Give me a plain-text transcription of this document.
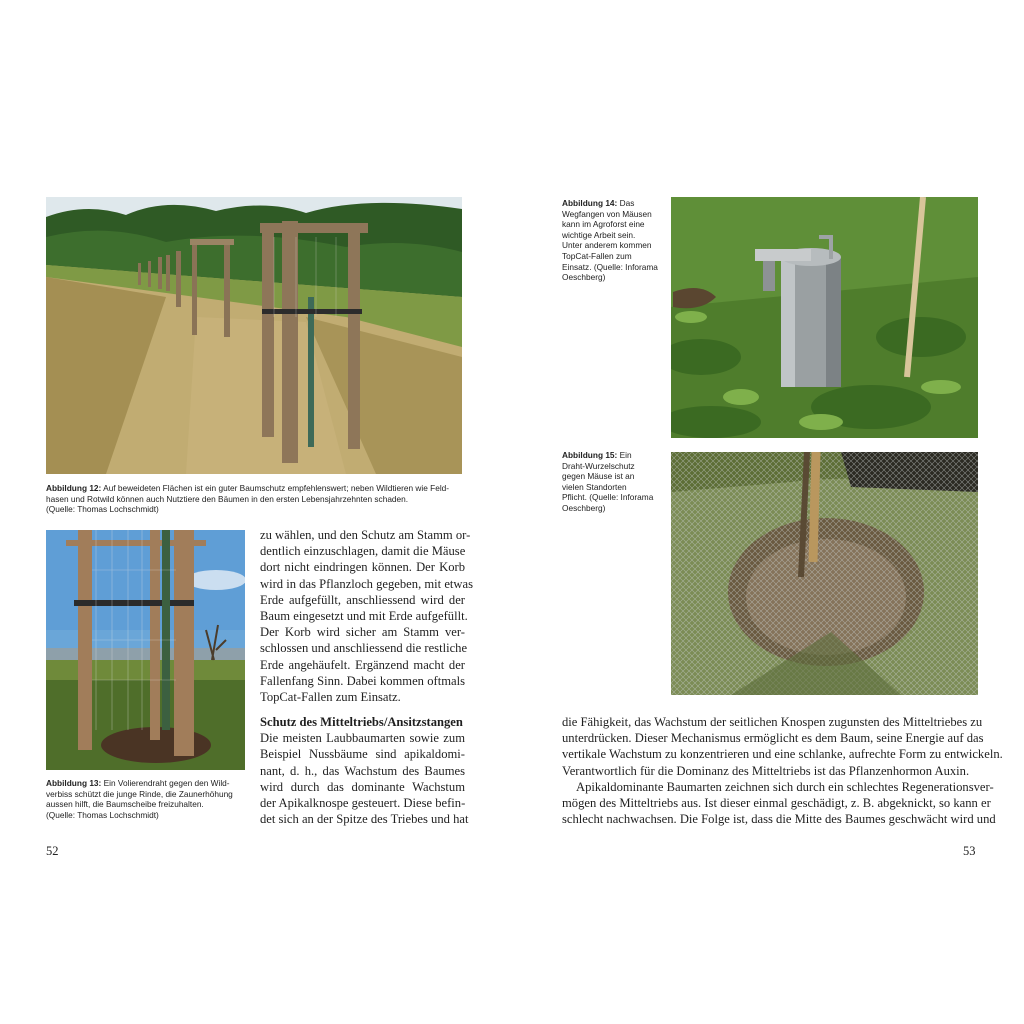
Abbildung 12: Auf beweideten Flächen ist ein guter Baumschutz empfehlenswert; neben Wildtieren wie Feld-
hasen und Rotwild können auch Nutztiere den Bäumen in den ersten Lebensjahrzehnten schaden.
(Quelle: Thomas Lochschmidt)
Abbildung 13: Ein Volierendraht gegen den Wild-
verbiss schützt die junge Rinde, die Zaunerhöhung
aussen hilft, die Baumscheibe freizuhalten.
(Quelle: Thomas Lochschmidt)
zu wählen, und den Schutz am Stamm or-
dentlich einzuschlagen, damit die Mäuse
dort nicht eindringen können. Der Korb
wird in das Pflanzloch gegeben, mit etwas
Erde aufgefüllt, anschliessend wird der
Baum eingesetzt und mit Erde aufgefüllt.
Der Korb wird sicher am Stamm ver-
schlossen und anschliessend die restliche
Erde angehäufelt. Ergänzend macht der
Fallenfang Sinn. Dabei kommen oftmals
TopCat-Fallen zum Einsatz.
Schutz des Mitteltriebs/Ansitzstangen
Die meisten Laubbaumarten sowie zum
Beispiel Nussbäume sind apikaldomi-
nant, d. h., das Wachstum des Baumes
wird durch das dominante Wachstum
der Apikalknospe gesteuert. Diese befin-
det sich an der Spitze des Triebes und hat
52
Abbildung 14: Das
Wegfangen von Mäusen
kann im Agroforst eine
wichtige Arbeit sein.
Unter anderem kommen
TopCat-Fallen zum
Einsatz. (Quelle: Inforama
Oeschberg)
Abbildung 15: Ein
Draht-Wurzelschutz
gegen Mäuse ist an
vielen Standorten
Pflicht. (Quelle: Inforama
Oeschberg)
die Fähigkeit, das Wachstum der seitlichen Knospen zugunsten des Mitteltriebes zu
unterdrücken. Dieser Mechanismus ermöglicht es dem Baum, seine Energie auf das
vertikale Wachstum zu konzentrieren und eine schlanke, aufrechte Form zu entwickeln.
Verantwortlich für die Dominanz des Mitteltriebs ist das Pflanzenhormon Auxin.
Apikaldominante Baumarten zeichnen sich durch ein schlechtes Regenerationsver-
mögen des Mitteltriebs aus. Ist dieser einmal geschädigt, z. B. abgeknickt, so kann er
schlecht nachwachsen. Die Folge ist, dass die Mitte des Baumes geschwächt wird und
53
